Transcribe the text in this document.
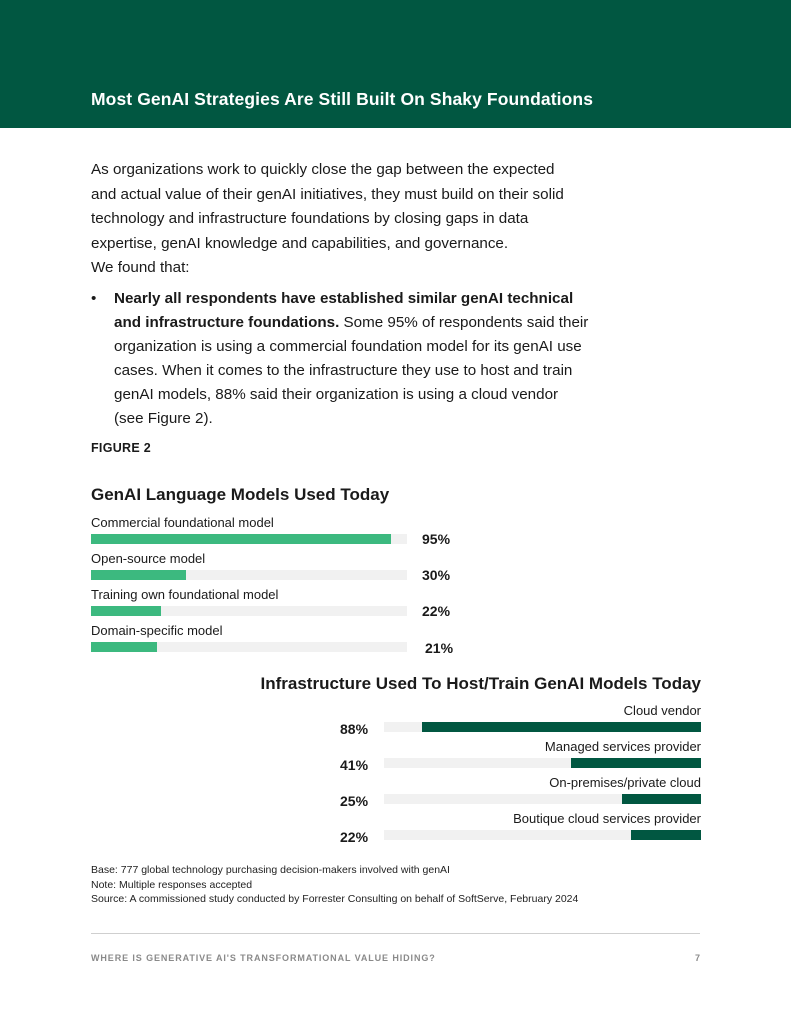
Most GenAI Strategies Are Still Built On Shaky Foundations

As organizations work to quickly close the gap between the expected

and actual value of their genAI initiatives, they must build on their solid

technology and infrastructure foundations by closing gaps in data

expertise, genAI knowledge and capabilities, and governance.

We found that:

• Nearly all respondents have established similar genAI technical
and infrastructure foundations. Some 95% of respondents said their
organization is using a commercial foundation model for its genAI use
cases. When it comes to the infrastructure they use to host and train
genAI models, 88% said their organization is using a cloud vendor
(see Figure 2).
FIGURE 2
GenAI Language Models Used Today
Commercial foundational model
95%
Open-source model
30%
Training own foundational model
22%
Domain-specific model
21%
Infrastructure Used To Host/Train GenAI Models Today
Cloud vendor
88%
Managed services provider
41%
On-premises/private cloud
25%
Boutique cloud services provider
22%
Base: 777 global technology purchasing decision-makers involved with genAI
Note: Multiple responses accepted
Source: A commissioned study conducted by Forrester Consulting on behalf of SoftServe, February 2024
WHERE IS GENERATIVE AI'S TRANSFORMATIONAL VALUE HIDING?	7
